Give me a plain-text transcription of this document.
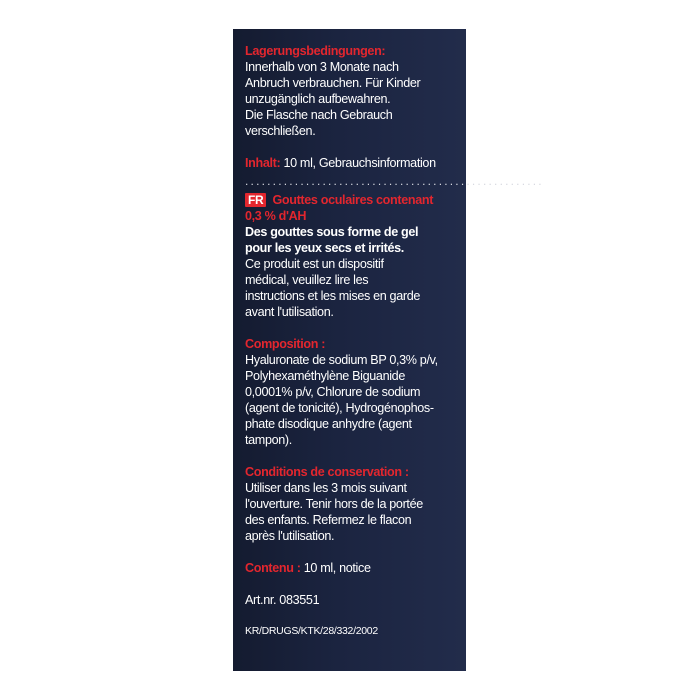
Lagerungsbedingungen:
Innerhalb von 3 Monate nach
Anbruch verbrauchen. Für Kinder
unzugänglich aufbewahren.
Die Flasche nach Gebrauch
verschließen.
Inhalt: 10 ml, Gebrauchsinformation
......................................................
FR Gouttes oculaires contenant
0,3 % d'AH
Des gouttes sous forme de gel
pour les yeux secs et irrités.
Ce produit est un dispositif
médical, veuillez lire les
instructions et les mises en garde
avant l'utilisation.
Composition :
Hyaluronate de sodium BP 0,3% p/v,
Polyhexaméthylène Biguanide
0,0001% p/v, Chlorure de sodium
(agent de tonicité), Hydrogénophos-
phate disodique anhydre (agent
tampon).
Conditions de conservation :
Utiliser dans les 3 mois suivant
l'ouverture. Tenir hors de la portée
des enfants. Refermez le flacon
après l'utilisation.
Contenu : 10 ml, notice
Art.nr. 083551
KR/DRUGS/KTK/28/332/2002
